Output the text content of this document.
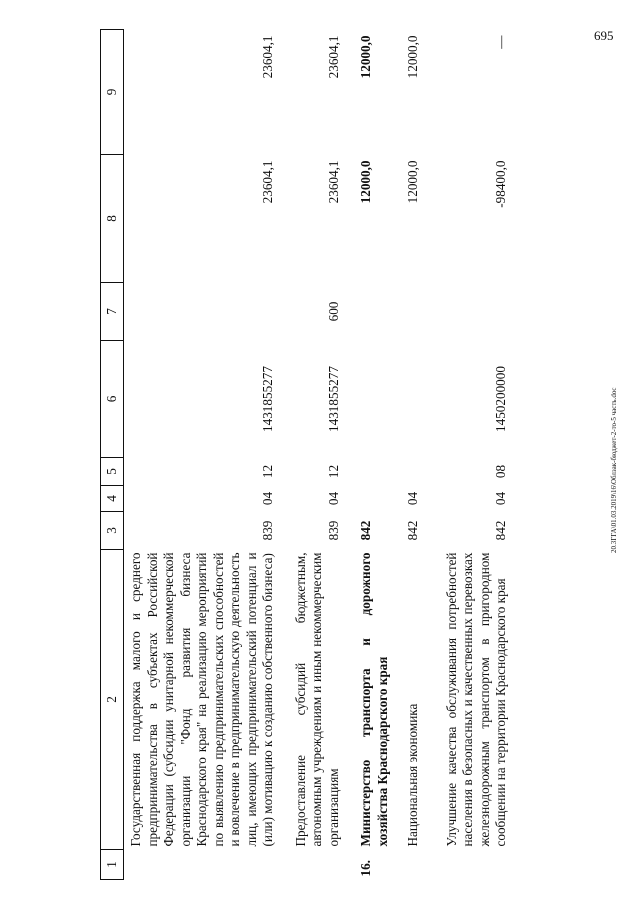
695
20.3ГГА\01.03.2019\16\Облзак-бюджет-2-то-5 часть.doc
1	2	3	4	5	6	7	8	9
	Государственная поддержка малого и среднего предпринимательства в субъектах Российской Федерации (субсидии унитарной некоммерческой организации "Фонд развития бизнеса Краснодарского края" на реализацию мероприятий по выявлению предпринимательских способностей и вовлечение в предпринимательскую деятельность лиц, имеющих предпринимательский потенциал и (или) мотивацию к созданию собственного бизнеса)	839	04	12	1431855277		23604,1	23604,1
	Предоставление субсидий бюджетным, автономным учреждениям и иным некоммерческим организациям	839	04	12	1431855277	600	23604,1	23604,1
16.	Министерство транспорта и дорожного хозяйства Краснодарского края	842					12000,0	12000,0
	Национальная экономика	842	04				12000,0	12000,0
	Улучшение качества обслуживания потребностей населения в безопасных и качественных перевозках железнодорожным транспортом в пригородном сообщении на территории Краснодарского края	842	04	08	1450200000		-98400,0	—
